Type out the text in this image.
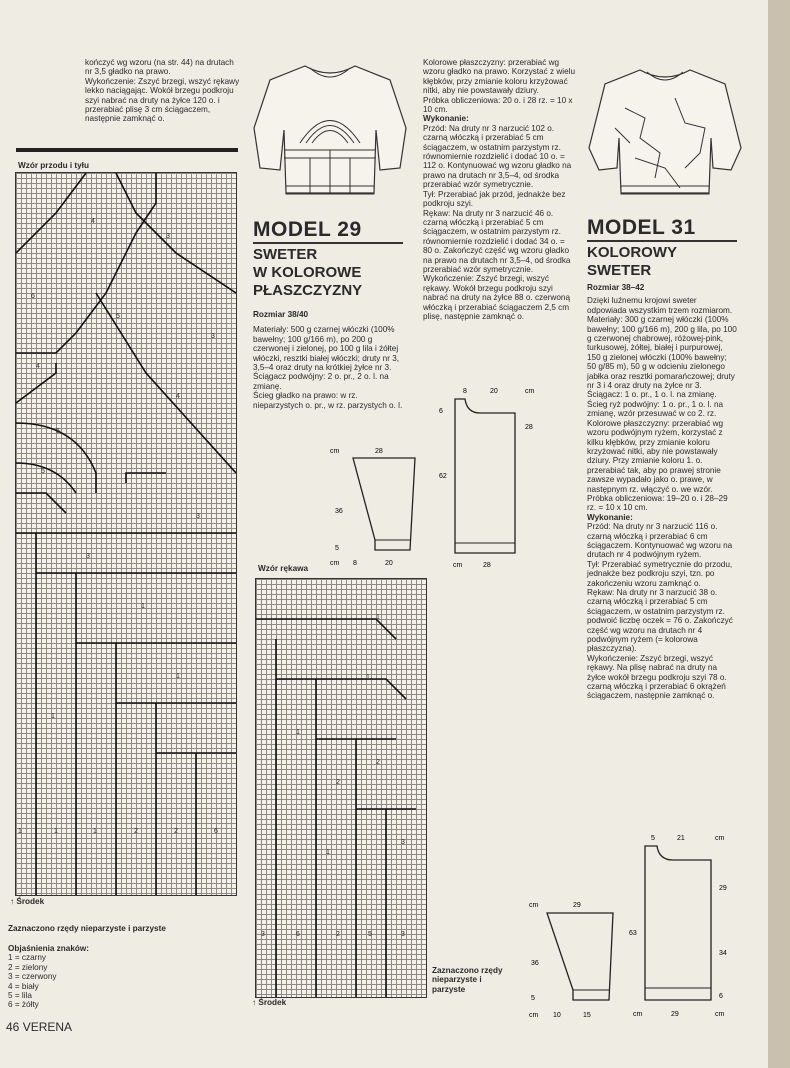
kończyć wg wzoru (na str. 44) na drutach nr 3,5 gładko na prawo.
Wykończenie: Zszyć brzegi, wszyć rękawy lekko naciągając. Wokół brzegu podkroju szyi nabrać na druty na żyłce 120 o. i przerabiać plisę 3 cm ściągaczem, następnie zamknąć o.
MODEL 29
SWETER
W KOLOROWE
PŁASZCZYZNY
Rozmiar 38/40
Materiały: 500 g czarnej włóczki (100% bawełny; 100 g/166 m), po 200 g czerwonej i zielonej, po 100 g lila i żółtej włóczki, resztki białej włóczki; druty nr 3, 3,5–4 oraz druty na krótkiej żyłce nr 3.
Ściągacz podwójny: 2 o. pr., 2 o. l. na zmianę.
Ścieg gładko na prawo: w rz. nieparzystych o. pr., w rz. parzystych o. l.
Kolorowe płaszczyzny: przerabiać wg wzoru gładko na prawo. Korzystać z wielu kłębków, przy zmianie koloru krzyżować nitki, aby nie powstawały dziury.
Próbka obliczeniowa: 20 o. i 28 rz. = 10 x 10 cm.
Wykonanie:
Przód: Na druty nr 3 narzucić 102 o. czarną włóczką i przerabiać 5 cm ściągaczem, w ostatnim parzystym rz. równomiernie rozdzielić i dodać 10 o. = 112 o. Kontynuować wg wzoru gładko na prawo na drutach nr 3,5–4, od środka przerabiać wzór symetrycznie.
Tył: Przerabiać jak przód, jednakże bez podkroju szyi.
Rękaw: Na druty nr 3 narzucić 46 o. czarną włóczką i przerabiać 5 cm ściągaczem, w ostatnim parzystym rz. równomiernie rozdzielić i dodać 34 o. = 80 o. Zakończyć część wg wzoru gładko na prawo na drutach nr 3,5–4, od środka przerabiać wzór symetrycznie.
Wykończenie: Zszyć brzegi, wszyć rękawy. Wokół brzegu podkroju szyi nabrać na druty na żyłce 88 o. czerwoną włóczką i przerabiać ściągaczem 2,5 cm plisę, następnie zamknąć o.
MODEL 31
KOLOROWY
SWETER
Rozmiar 38–42
Dzięki luźnemu krojowi sweter odpowiada wszystkim trzem rozmiarom.
Materiały: 300 g czarnej włóczki (100% bawełny; 100 g/166 m), 200 g lila, po 100 g czerwonej chabrowej, różowej-pink, turkusowej, żółtej, białej i purpurowej, 150 g zielonej włóczki (100% bawełny; 50 g/85 m), 50 g w odcieniu zielonego jabłka oraz resztki pomarańczowej; druty nr 3 i 4 oraz druty na żyłce nr 3.
Ściągacz: 1 o. pr., 1 o. l. na zmianę.
Ścieg ryż podwójny: 1 o. pr., 1 o. l. na zmianę, wzór przesuwać w co 2. rz.
Kolorowe płaszczyzny: przerabiać wg wzoru podwójnym ryżem, korzystać z kilku kłębków, przy zmianie koloru krzyżować nitki, aby nie powstawały dziury. Przy zmianie koloru 1. o. przerabiać tak, aby po prawej stronie zawsze wypadało jako o. prawe, w następnym rz. włączyć o. we wzór.
Próbka obliczeniowa: 19–20 o. i 28–29 rz. = 10 x 10 cm.
Wykonanie:
Przód: Na druty nr 3 narzucić 116 o. czarną włóczką i przerabiać 6 cm ściągaczem. Kontynuować wg wzoru na drutach nr 4 podwójnym ryżem.
Tył: Przerabiać symetrycznie do przodu, jednakże bez podkroju szyi, tzn. po zakończeniu wzoru zamknąć o.
Rękaw: Na druty nr 3 narzucić 38 o. czarną włóczką i przerabiać 5 cm ściągaczem, w ostatnim parzystym rz. podwoić liczbę oczek = 76 o. Zakończyć część wg wzoru na drutach nr 4 podwójnym ryżem (= kolorowa płaszczyzna).
Wykończenie: Zszyć brzegi, wszyć rękawy. Na plisę nabrać na druty na żyłce wokół brzegu podkroju szyi 78 o. czarną włóczką i przerabiać 6 okrążeń ściągaczem, następnie zamknąć o.
Wzór przodu i tyłu
4
4
4
5
1
1
1	1	1	2	2	6
3
3
6
5
5
3
3
1
↑ Środek
Zaznaczono rzędy nieparzyste i parzyste
Objaśnienia znaków:
1 = czarny
2 = zielony
3 = czerwony
4 = biały
5 = lila
6 = żółty
cm	28
36
5
cm 8	20
8	20	cm
6
28
62
cm	28
Wzór rękawa
1
1
1
2
2
3
3	6	2	5	3
1
↑ Środek
Zaznaczono rzędy nieparzyste i parzyste
cm	29
36
5
cm 10	15
5	21	cm
29
63
34
6
cm	29	cm
46 VERENA
